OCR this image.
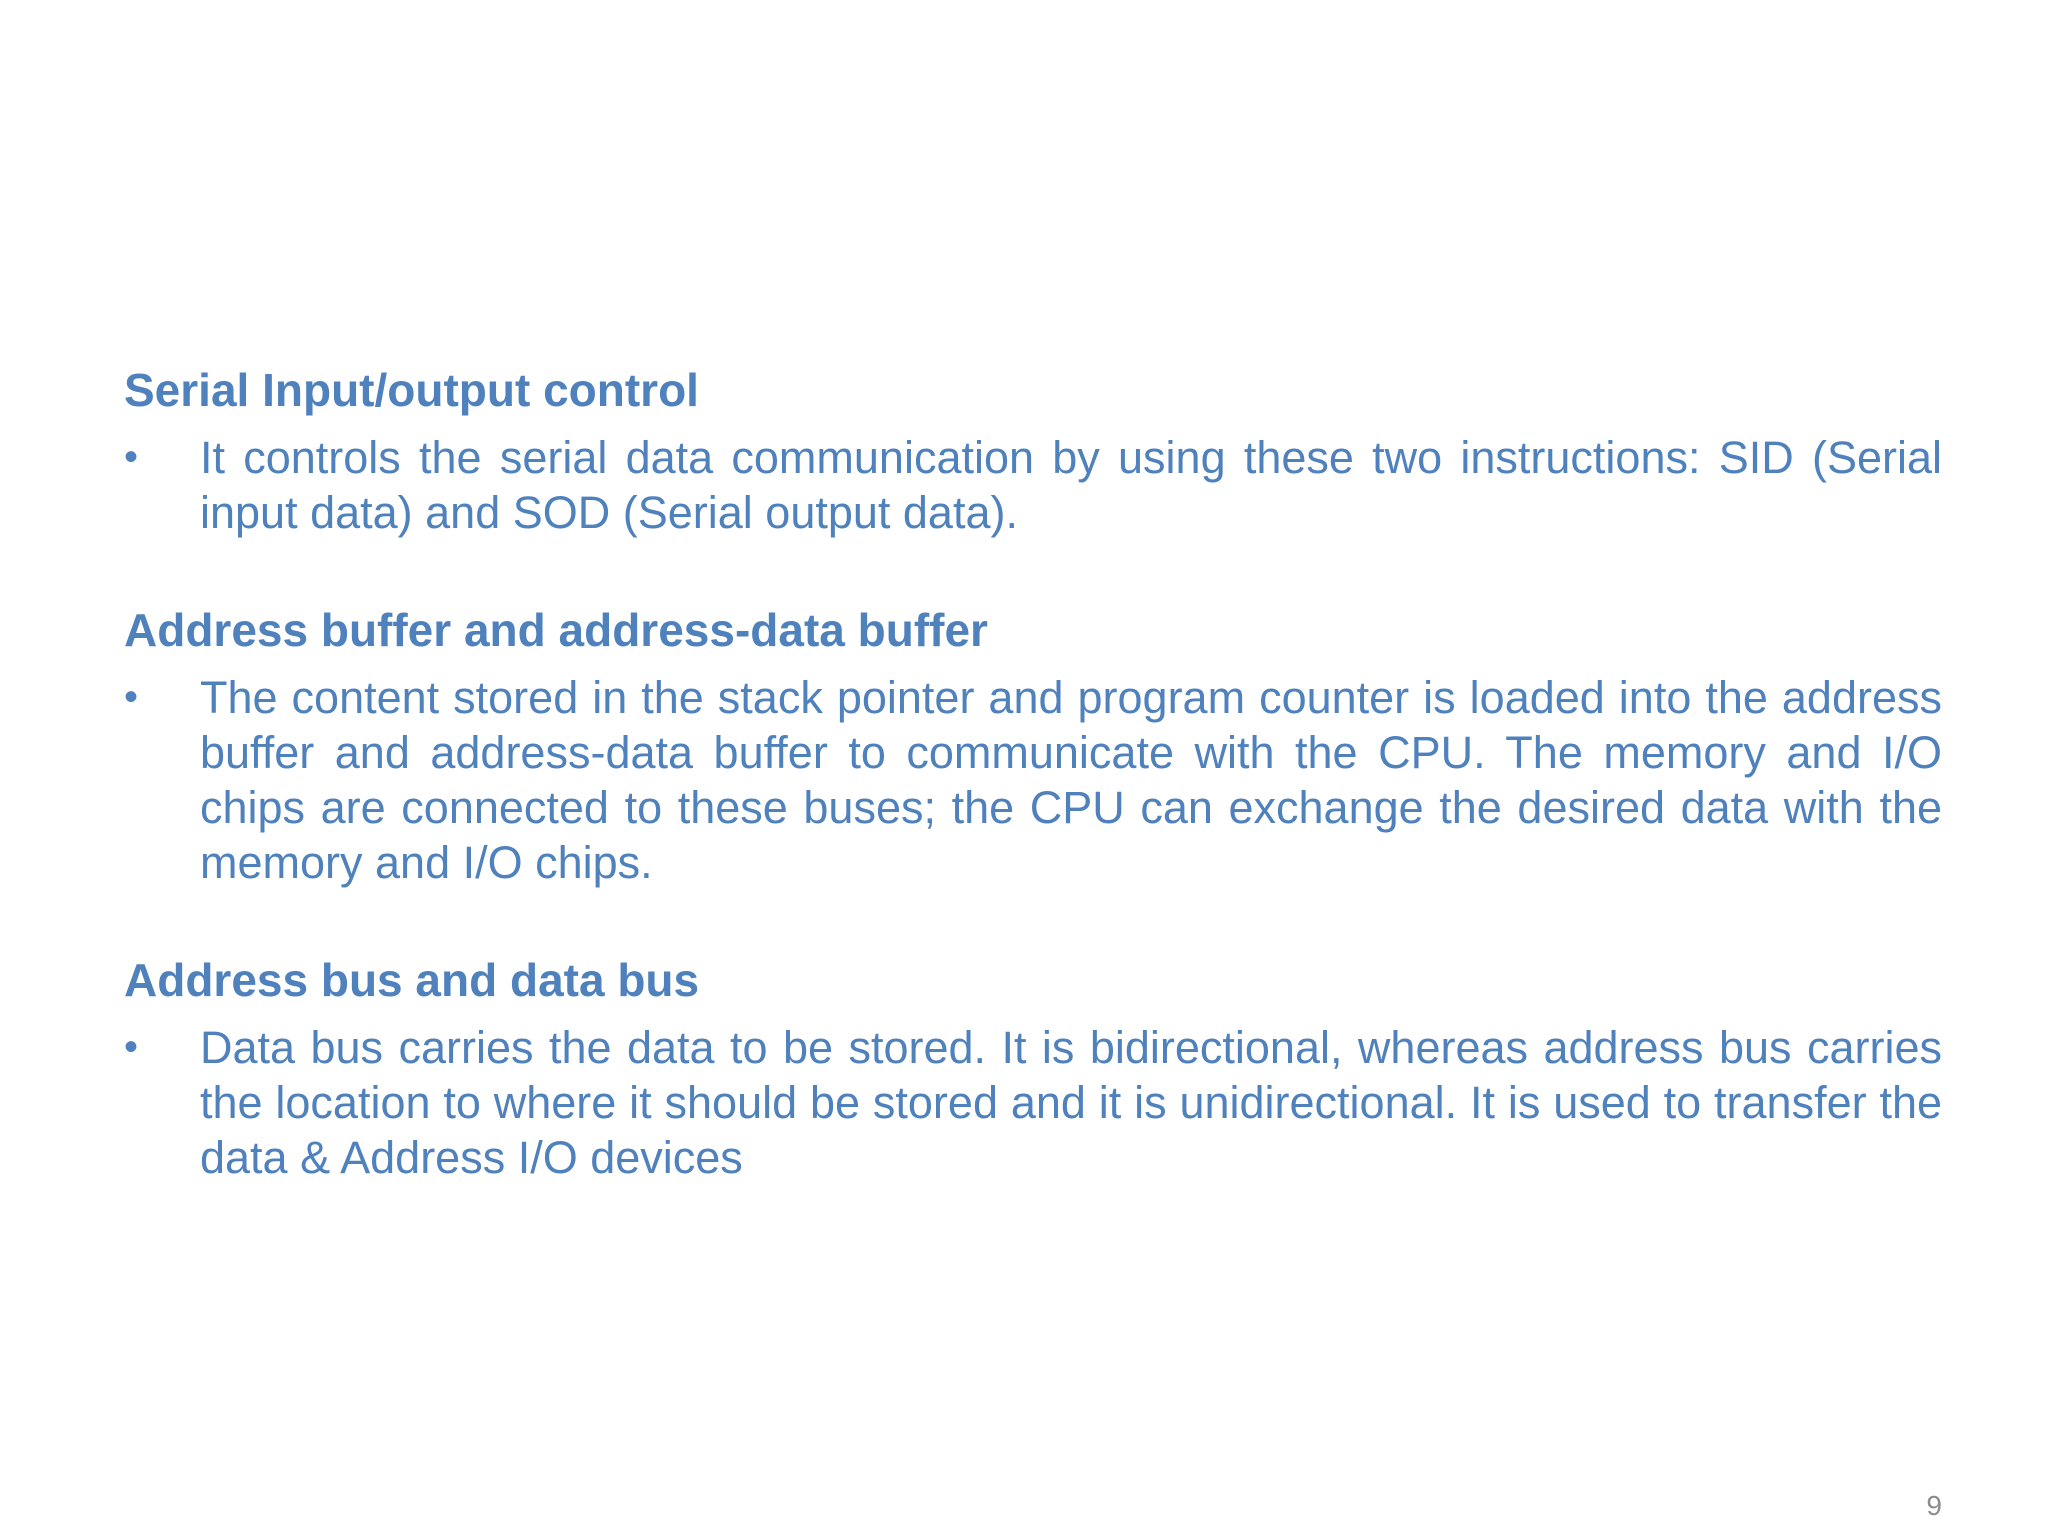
Serial Input/output control
•	It controls the serial data communication by using these two instructions: SID (Serial input data) and SOD (Serial output data).
Address buffer and address-data buffer
•	The content stored in the stack pointer and program counter is loaded into the address buffer and address-data buffer to communicate with the CPU. The memory and I/O chips are connected to these buses; the CPU can exchange the desired data with the memory and I/O chips.
Address bus and data bus
•	Data bus carries the data to be stored. It is bidirectional, whereas address bus carries the location to where it should be stored and it is unidirectional. It is used to transfer the data & Address I/O devices
9
